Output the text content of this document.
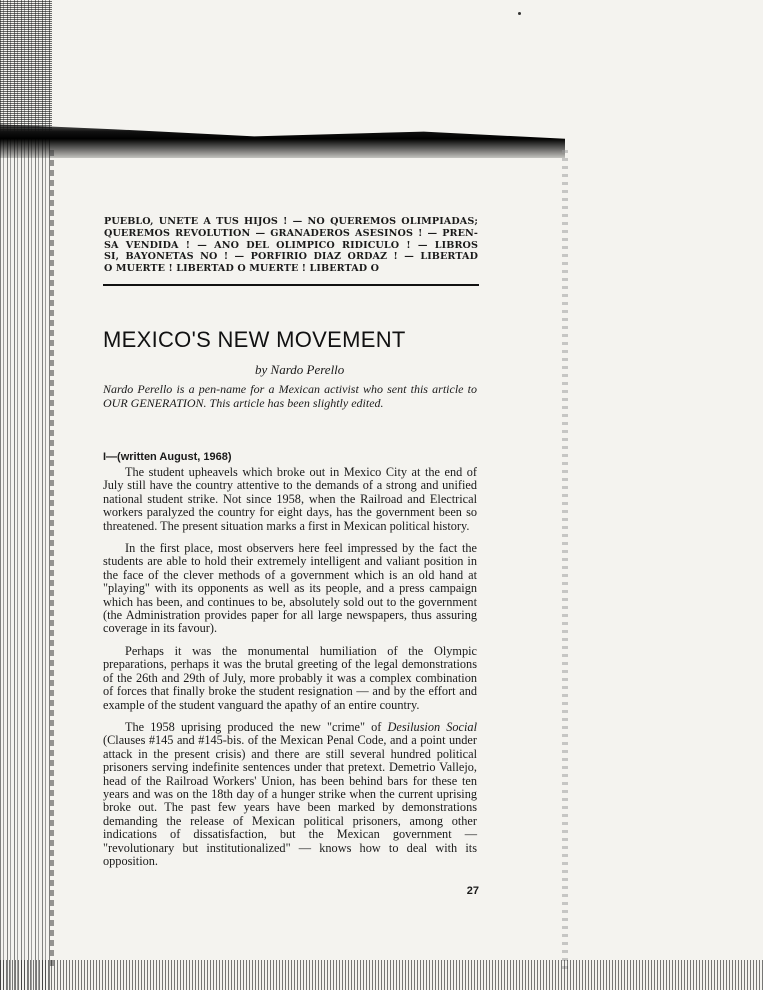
PUEBLO, UNETE A TUS HIJOS ! — NO QUEREMOS OLIMPIADAS;
QUEREMOS REVOLUTION — GRANADEROS ASESINOS ! — PREN-
SA VENDIDA ! — ANO DEL OLIMPICO RIDICULO ! — LIBROS
SI, BAYONETAS NO ! — PORFIRIO DIAZ ORDAZ ! — LIBERTAD
O MUERTE ! LIBERTAD O MUERTE ! LIBERTAD O
MEXICO'S NEW MOVEMENT
by Nardo Perello
Nardo Perello is a pen-name for a Mexican activist who sent this article to OUR GENERATION. This article has been slightly edited.
I—(written August, 1968)

The student upheavels which broke out in Mexico City at the end of July still have the country attentive to the demands of a strong and unified national student strike. Not since 1958, when the Railroad and Electrical workers paralyzed the country for eight days, has the government been so threatened. The present situation marks a first in Mexican political history.

In the first place, most observers here feel impressed by the fact the students are able to hold their extremely intelligent and valiant position in the face of the clever methods of a government which is an old hand at "playing" with its opponents as well as its people, and a press campaign which has been, and continues to be, absolutely sold out to the government (the Administration provides paper for all large newspapers, thus assuring coverage in its favour).

Perhaps it was the monumental humiliation of the Olympic preparations, perhaps it was the brutal greeting of the legal demonstrations of the 26th and 29th of July, more probably it was a complex combination of forces that finally broke the student resignation — and by the effort and example of the student vanguard the apathy of an entire country.

The 1958 uprising produced the new "crime" of Desilusion Social (Clauses #145 and #145-bis. of the Mexican Penal Code, and a point under attack in the present crisis) and there are still several hundred political prisoners serving indefinite sentences under that pretext. Demetrio Vallejo, head of the Railroad Workers' Union, has been behind bars for these ten years and was on the 18th day of a hunger strike when the current uprising broke out. The past few years have been marked by demonstrations demanding the release of Mexican political prisoners, among other indications of dissatisfaction, but the Mexican government — "revolutionary but institutionalized" — knows how to deal with its opposition.

27
